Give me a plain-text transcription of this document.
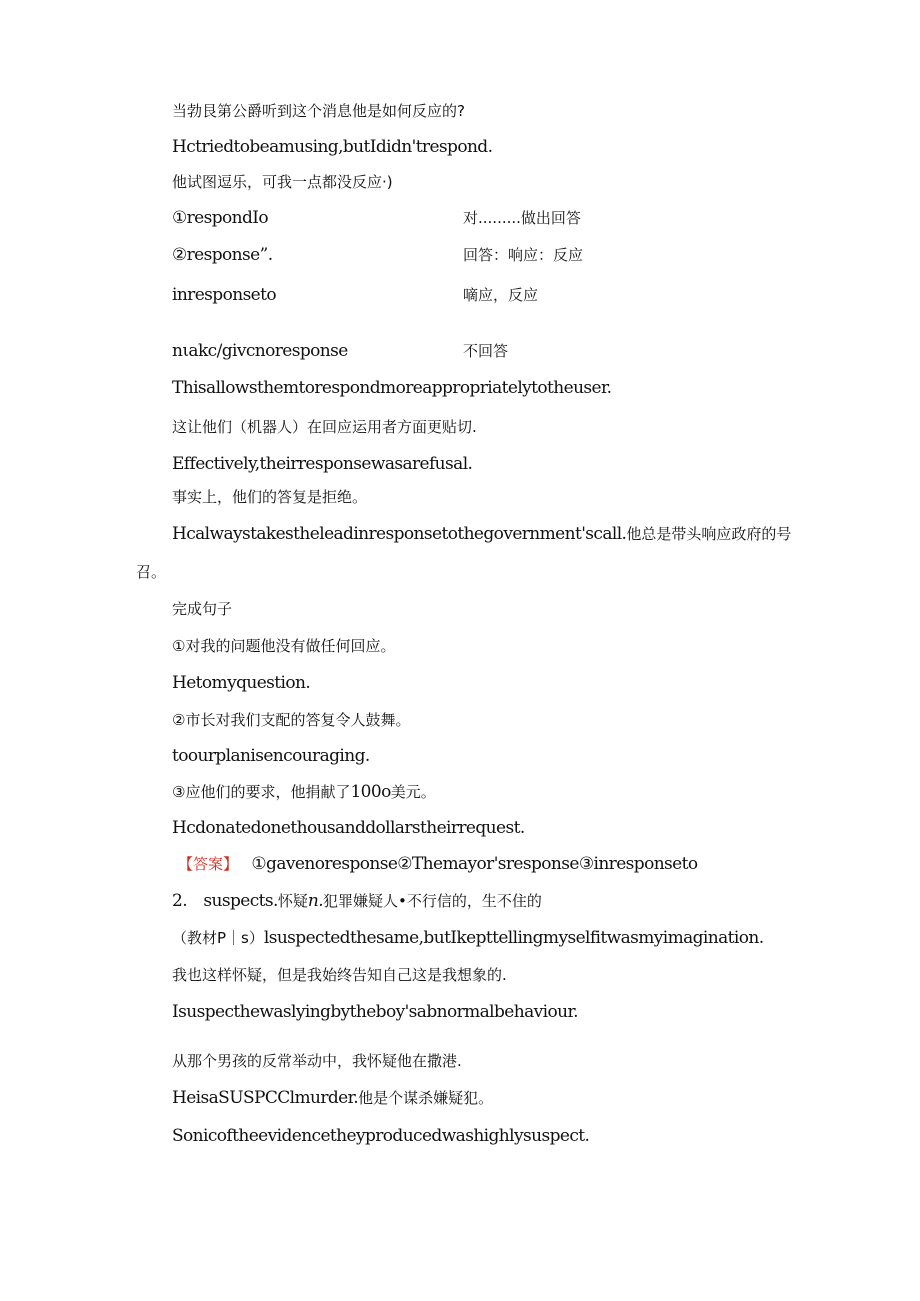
当勃艮第公爵听到这个消息他是如何反应的?
Hctriedtobeamusing,butIdidn'trespond.
他试图逗乐，可我一点都没反应·)
①respondIo	对.........做出回答
②response”.	回答：响应：反应
inresponseto	嘀应，反应
nιakc∕givcnoresponse	不回答
Thisallowsthemtorespondmoreappropriatelytotheuser.
这让他们（机器人）在回应运用者方面更贴切.
Effectively,theirresponsewasarefusal.
事实上，他们的答复是拒绝。
Hcalwaystakestheleadinresponsetothegovernment'scall.他总是带头响应政府的号
召。
完成句子
①对我的问题他没有做任何回应。
Hetomyquestion.
②市长对我们支配的答复令人鼓舞。
toourplanisencouraging.
③应他们的要求，他捐献了100o美元。
Hcdonatedonethousanddollarstheirrequest.
【答案】 ①gavenoresponse②Themayor'sresponse③inresponseto
2.　suspects.怀疑n.犯罪嫌疑人•不行信的，生不住的
（教材P｜s）lsuspectedthesame,butIkepttellingmyselfitwasmyimagination.
我也这样怀疑，但是我始终告知自己这是我想象的.
Isuspecthewaslyingbytheboy'sabnormalbehaviour.
从那个男孩的反常举动中，我怀疑他在撒港.
HeisaSUSPCClmurder.他是个谋杀嫌疑犯。
Sonicoftheevidencetheyproducedwashighlysuspect.
